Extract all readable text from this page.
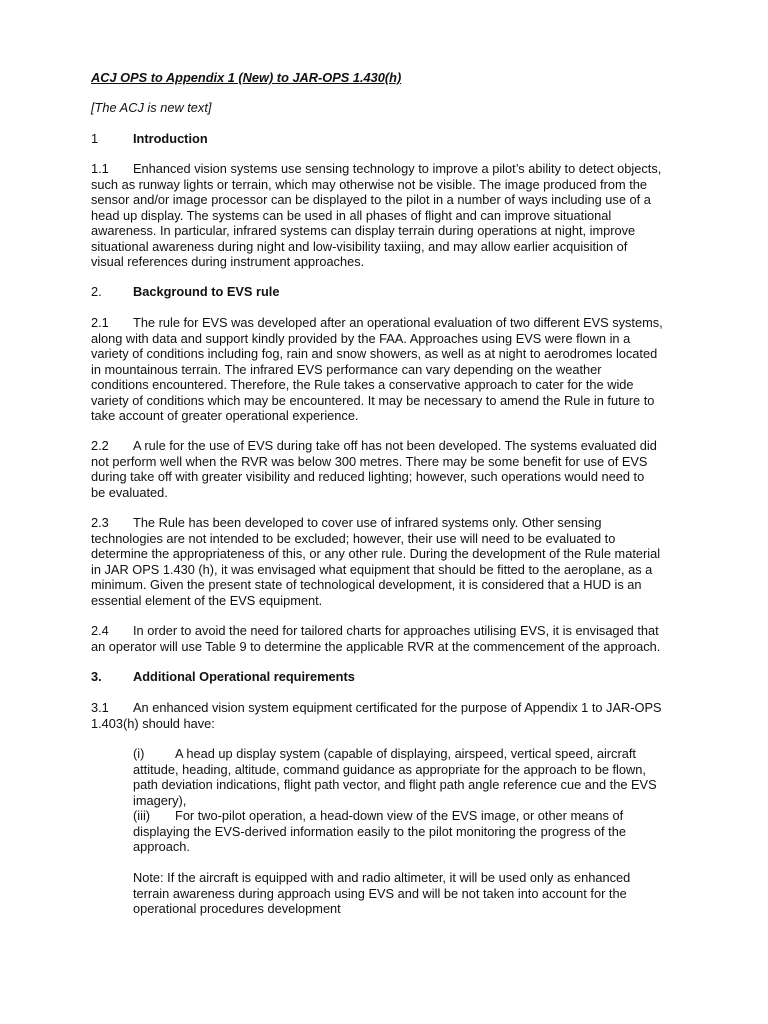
ACJ OPS to Appendix 1 (New) to JAR-OPS 1.430(h)
[The ACJ is new text]
1	Introduction
1.1 Enhanced vision systems use sensing technology to improve a pilot’s ability to detect objects,
such as runway lights or terrain, which may otherwise not be visible. The image produced from the
sensor and/or image processor can be displayed to the pilot in a number of ways including use of a
head up display. The systems can be used in all phases of flight and can improve situational
awareness. In particular, infrared systems can display terrain during operations at night, improve
situational awareness during night and low-visibility taxiing, and may allow earlier acquisition of
visual references during instrument approaches.
2. Background to EVS rule
2.1 The rule for EVS was developed after an operational evaluation of two different EVS systems,
along with data and support kindly provided by the FAA. Approaches using EVS were flown in a
variety of conditions including fog, rain and snow showers, as well as at night to aerodromes located
in mountainous terrain. The infrared EVS performance can vary depending on the weather
conditions encountered. Therefore, the Rule takes a conservative approach to cater for the wide
variety of conditions which may be encountered. It may be necessary to amend the Rule in future to
take account of greater operational experience.
2.2 A rule for the use of EVS during take off has not been developed. The systems evaluated did
not perform well when the RVR was below 300 metres. There may be some benefit for use of EVS
during take off with greater visibility and reduced lighting; however, such operations would need to
be evaluated.
2.3 The Rule has been developed to cover use of infrared systems only. Other sensing
technologies are not intended to be excluded; however, their use will need to be evaluated to
determine the appropriateness of this, or any other rule. During the development of the Rule material
in JAR OPS 1.430 (h), it was envisaged what equipment that should be fitted to the aeroplane, as a
minimum. Given the present state of technological development, it is considered that a HUD is an
essential element of the EVS equipment.
2.4 In order to avoid the need for tailored charts for approaches utilising EVS, it is envisaged that
an operator will use Table 9 to determine the applicable RVR at the commencement of the approach.
3. Additional Operational requirements
3.1 An enhanced vision system equipment certificated for the purpose of Appendix 1 to JAR-OPS
1.403(h) should have:
(i) A head up display system (capable of displaying, airspeed, vertical speed, aircraft
attitude, heading, altitude, command guidance as appropriate for the approach to be flown,
path deviation indications, flight path vector, and flight path angle reference cue and the EVS
imagery),
(iii) For two-pilot operation, a head-down view of the EVS image, or other means of
displaying the EVS-derived information easily to the pilot monitoring the progress of the
approach.
Note: If the aircraft is equipped with and radio altimeter, it will be used only as enhanced
terrain awareness during approach using EVS and will be not taken into account for the
operational procedures development
